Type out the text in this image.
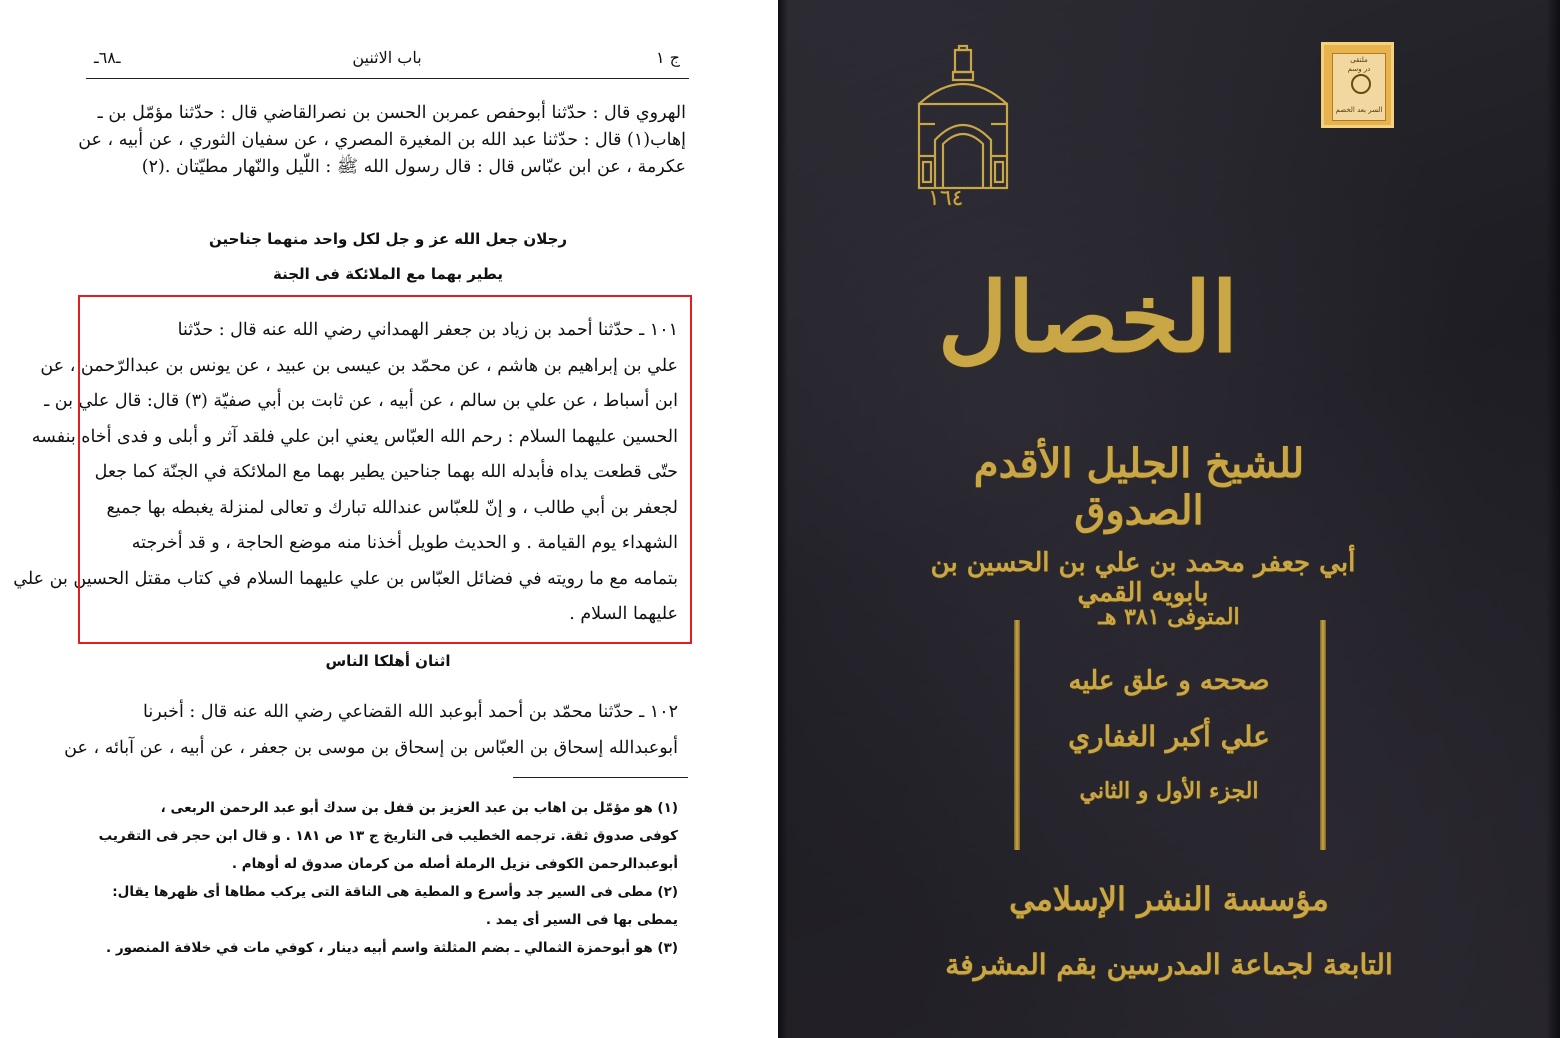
ج ١
باب الاثنين
ـ٦٨ـ
الهروي قال : حدّثنا أبوحفص عمربن الحسن بن نصرالقاضي قال : حدّثنا مؤمّل بن ـ
إهاب(١) قال : حدّثنا عبد الله بن المغيرة المصري ، عن سفيان الثوري ، عن أبيه ، عن
عكرمة ، عن ابن عبّاس قال : قال رسول الله ﷺ : اللّيل والنّهار مطيّتان .(٢)
رجلان جعل الله عز و جل لكل واحد منهما جناحين
يطير بهما مع الملائكة فى الجنة
١٠١ ـ حدّثنا أحمد بن زياد بن جعفر الهمداني رضي الله عنه قال : حدّثنا
علي بن إبراهيم بن هاشم ، عن محمّد بن عيسى بن عبيد ، عن يونس بن عبدالرّحمن ، عن
ابن أسباط ، عن علي بن سالم ، عن أبيه ، عن ثابت بن أبي صفيّة (٣) قال: قال علي بن ـ
الحسين عليهما السلام : رحم الله العبّاس يعني ابن علي فلقد آثر و أبلى و فدى أخاه بنفسه
حتّى قطعت يداه فأبدله الله بهما جناحين يطير بهما مع الملائكة في الجنّة كما جعل
لجعفر بن أبي طالب ، و إنّ للعبّاس عندالله تبارك و تعالى لمنزلة يغبطه بها جميع
الشهداء يوم القيامة . و الحديث طويل أخذنا منه موضع الحاجة ، و قد أخرجته
بتمامه مع ما رويته في فضائل العبّاس بن علي عليهما السلام في كتاب مقتل الحسين بن علي
عليهما السلام .
اثنان أهلكا الناس
١٠٢ ـ حدّثنا محمّد بن أحمد أبوعبد الله القضاعي رضي الله عنه قال : أخبرنا
أبوعبدالله إسحاق بن العبّاس بن إسحاق بن موسى بن جعفر ، عن أبيه ، عن آبائه ، عن
(١) هو مؤمّل بن اهاب بن عبد العزيز بن قفل بن سدك أبو عبد الرحمن الربعى ،
كوفى صدوق ثقة. ترجمه الخطيب فى التاريخ ج ١٣ ص ١٨١ . و قال ابن حجر فى التقريب
أبوعبدالرحمن الكوفى نزيل الرملة أصله من كرمان صدوق له أوهام .
(٢) مطى فى السير جد وأسرع و المطية هى الناقة التى يركب مطاها أى ظهرها يقال:
يمطى بها فى السير أى يمد .
(٣) هو أبوحمزة الثمالي ـ بضم المثلثة واسم أبيه دينار ، كوفي مات في خلافة المنصور .
ملتقى
در وسم
السر بعد الخصم
١٦٤
الخصال
للشيخ الجليل الأقدم الصدوق
أبي جعفر محمد بن علي بن الحسين بن بابويه القمي
المتوفى ٣٨١ هـ
صححه و علق عليه
علي أكبر الغفاري
الجزء الأول و الثاني
مؤسسة النشر الإسلامي
التابعة لجماعة المدرسين بقم المشرفة
